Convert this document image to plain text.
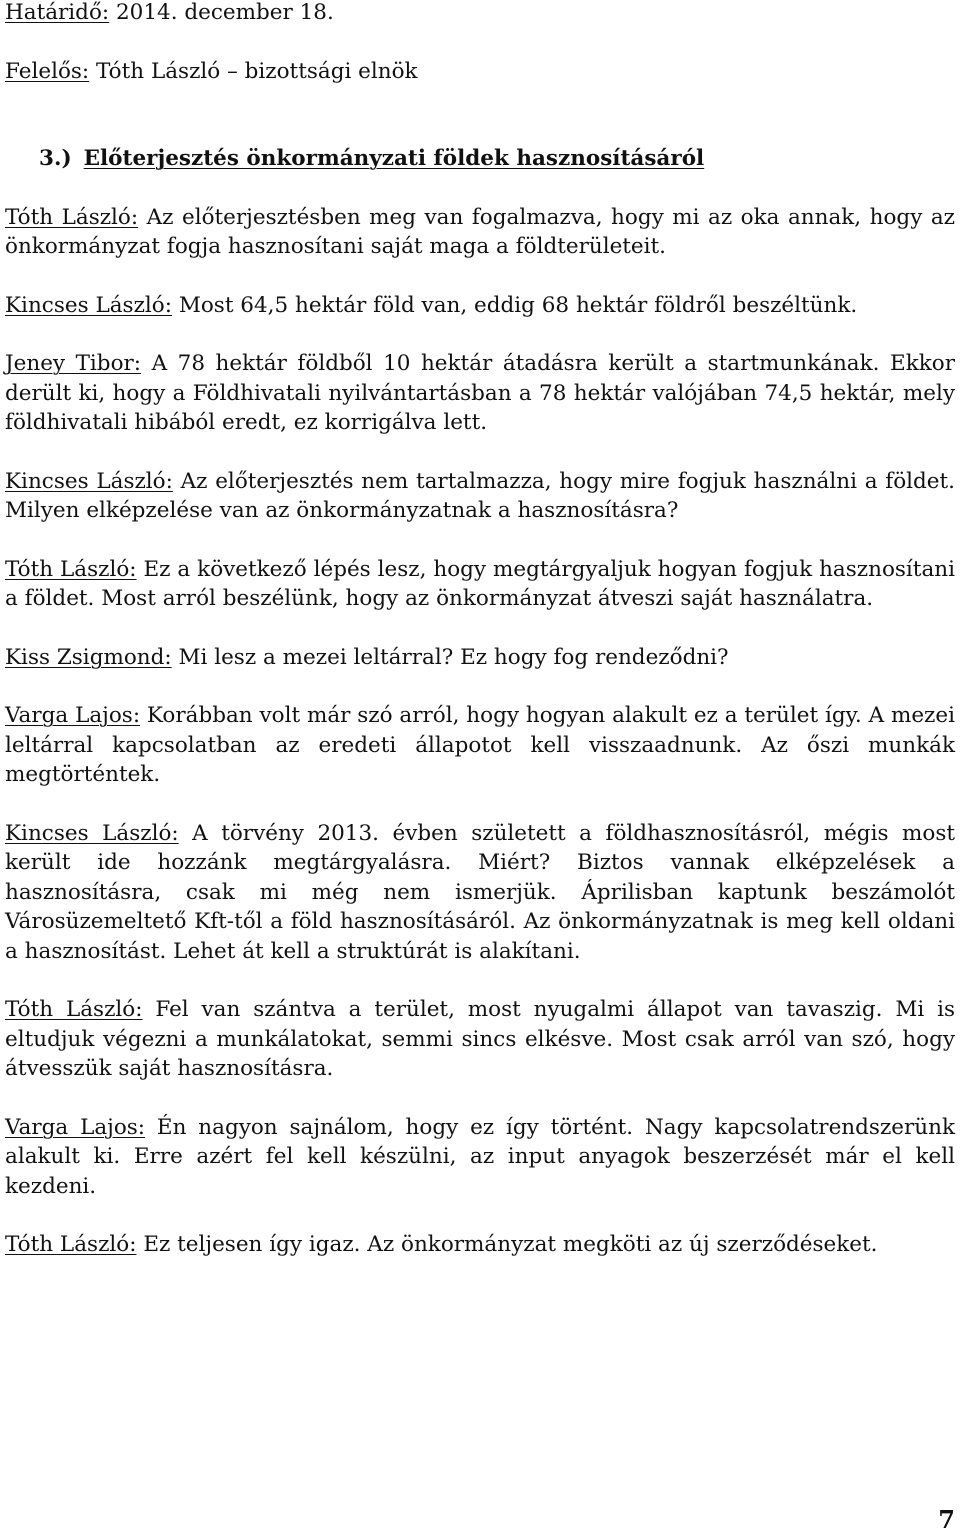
Határidő: 2014. december 18.

Felelős: Tóth László – bizottsági elnök

3.) Előterjesztés önkormányzati földek hasznosításáról

Tóth László: Az előterjesztésben meg van fogalmazva, hogy mi az oka annak, hogy az önkormányzat fogja hasznosítani saját maga a földterületeit.

Kincses László: Most 64,5 hektár föld van, eddig 68 hektár földről beszéltünk.

Jeney Tibor: A 78 hektár földből 10 hektár átadásra került a startmunkának. Ekkor derült ki, hogy a Földhivatali nyilvántartásban a 78 hektár valójában 74,5 hektár, mely földhivatali hibából eredt, ez korrigálva lett.

Kincses László: Az előterjesztés nem tartalmazza, hogy mire fogjuk használni a földet. Milyen elképzelése van az önkormányzatnak a hasznosításra?

Tóth László: Ez a következő lépés lesz, hogy megtárgyaljuk hogyan fogjuk hasznosítani a földet. Most arról beszélünk, hogy az önkormányzat átveszi saját használatra.

Kiss Zsigmond: Mi lesz a mezei leltárral? Ez hogy fog rendeződni?

Varga Lajos: Korábban volt már szó arról, hogy hogyan alakult ez a terület így. A mezei leltárral kapcsolatban az eredeti állapotot kell visszaadnunk. Az őszi munkák megtörténtek.

Kincses László: A törvény 2013. évben született a földhasznosításról, mégis most került ide hozzánk megtárgyalásra. Miért? Biztos vannak elképzelések a hasznosításra, csak mi még nem ismerjük. Áprilisban kaptunk beszámolót Városüzemeltető Kft-től a föld hasznosításáról. Az önkormányzatnak is meg kell oldani a hasznosítást. Lehet át kell a struktúrát is alakítani.

Tóth László: Fel van szántva a terület, most nyugalmi állapot van tavaszig. Mi is eltudjuk végezni a munkálatokat, semmi sincs elkésve. Most csak arról van szó, hogy átvesszük saját hasznosításra.

Varga Lajos: Én nagyon sajnálom, hogy ez így történt. Nagy kapcsolatrendszerünk alakult ki. Erre azért fel kell készülni, az input anyagok beszerzését már el kell kezdeni.

Tóth László: Ez teljesen így igaz. Az önkormányzat megköti az új szerződéseket.

7
